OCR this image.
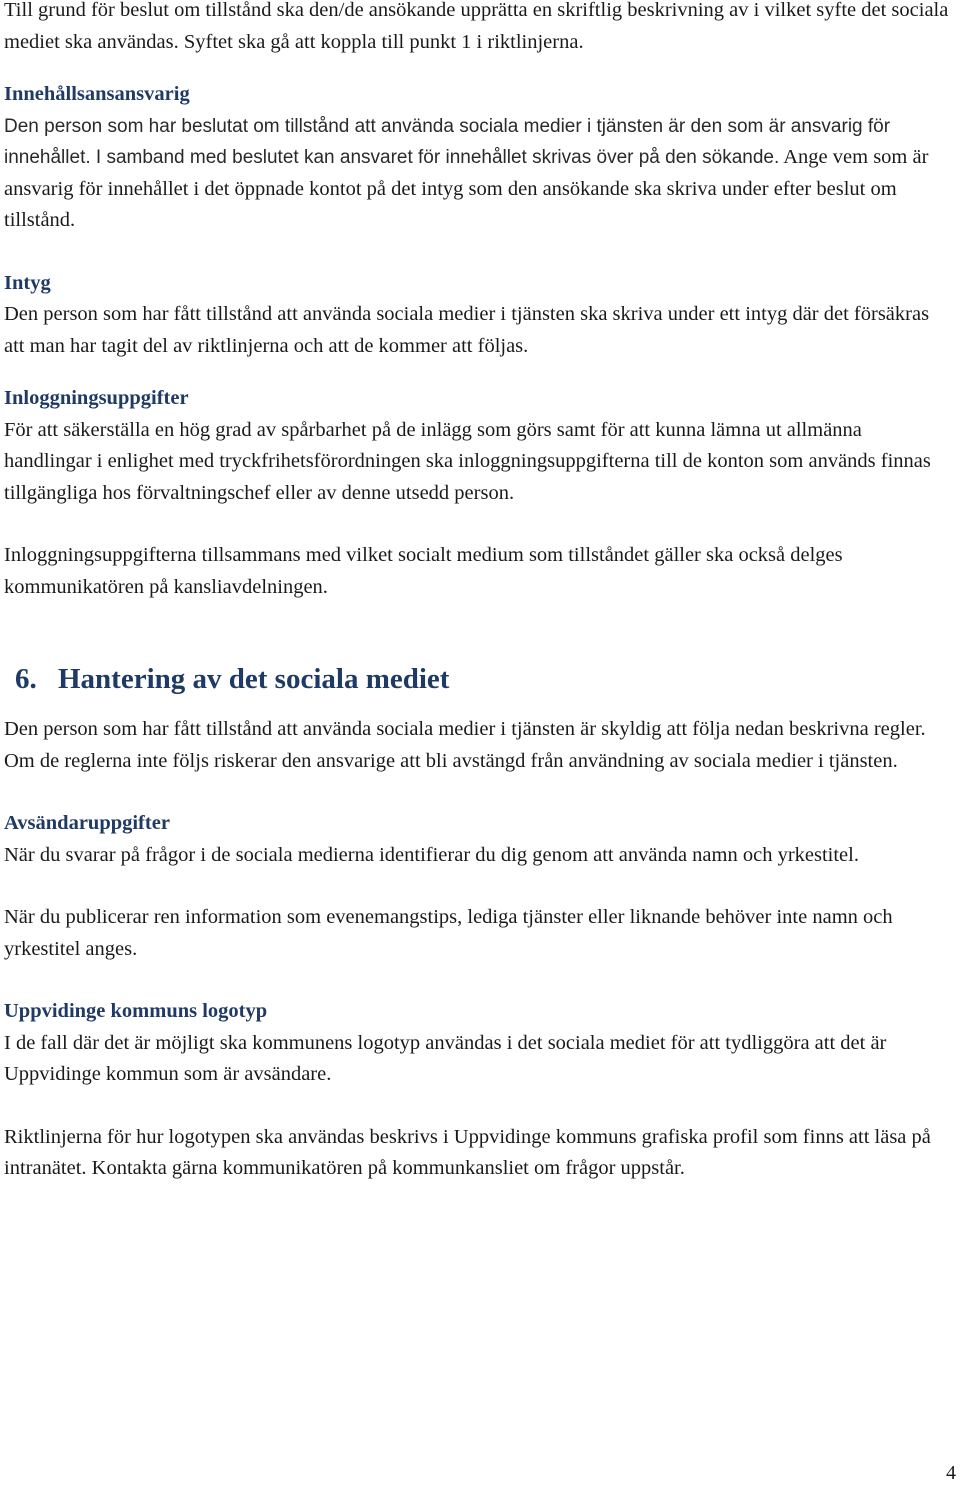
Till grund för beslut om tillstånd ska den/de ansökande upprätta en skriftlig beskrivning av i vilket syfte det sociala mediet ska användas. Syftet ska gå att koppla till punkt 1 i riktlinjerna.

Innehållsansansvarig

Den person som har beslutat om tillstånd att använda sociala medier i tjänsten är den som är ansvarig för innehållet. I samband med beslutet kan ansvaret för innehållet skrivas över på den sökande. Ange vem som är ansvarig för innehållet i det öppnade kontot på det intyg som den ansökande ska skriva under efter beslut om tillstånd.

Intyg

Den person som har fått tillstånd att använda sociala medier i tjänsten ska skriva under ett intyg där det försäkras att man har tagit del av riktlinjerna och att de kommer att följas.

Inloggningsuppgifter

För att säkerställa en hög grad av spårbarhet på de inlägg som görs samt för att kunna lämna ut allmänna handlingar i enlighet med tryckfrihetsförordningen ska inloggningsuppgifterna till de konton som används finnas tillgängliga hos förvaltningschef eller av denne utsedd person.

Inloggningsuppgifterna tillsammans med vilket socialt medium som tillståndet gäller ska också delges kommunikatören på kansliavdelningen.

6. Hantering av det sociala mediet

Den person som har fått tillstånd att använda sociala medier i tjänsten är skyldig att följa nedan beskrivna regler. Om de reglerna inte följs riskerar den ansvarige att bli avstängd från användning av sociala medier i tjänsten.

Avsändaruppgifter

När du svarar på frågor i de sociala medierna identifierar du dig genom att använda namn och yrkestitel.

När du publicerar ren information som evenemangstips, lediga tjänster eller liknande behöver inte namn och yrkestitel anges.

Uppvidinge kommuns logotyp

I de fall där det är möjligt ska kommunens logotyp användas i det sociala mediet för att tydliggöra att det är Uppvidinge kommun som är avsändare.

Riktlinjerna för hur logotypen ska användas beskrivs i Uppvidinge kommuns grafiska profil som finns att läsa på intranätet. Kontakta gärna kommunikatören på kommunkansliet om frågor uppstår.

4
